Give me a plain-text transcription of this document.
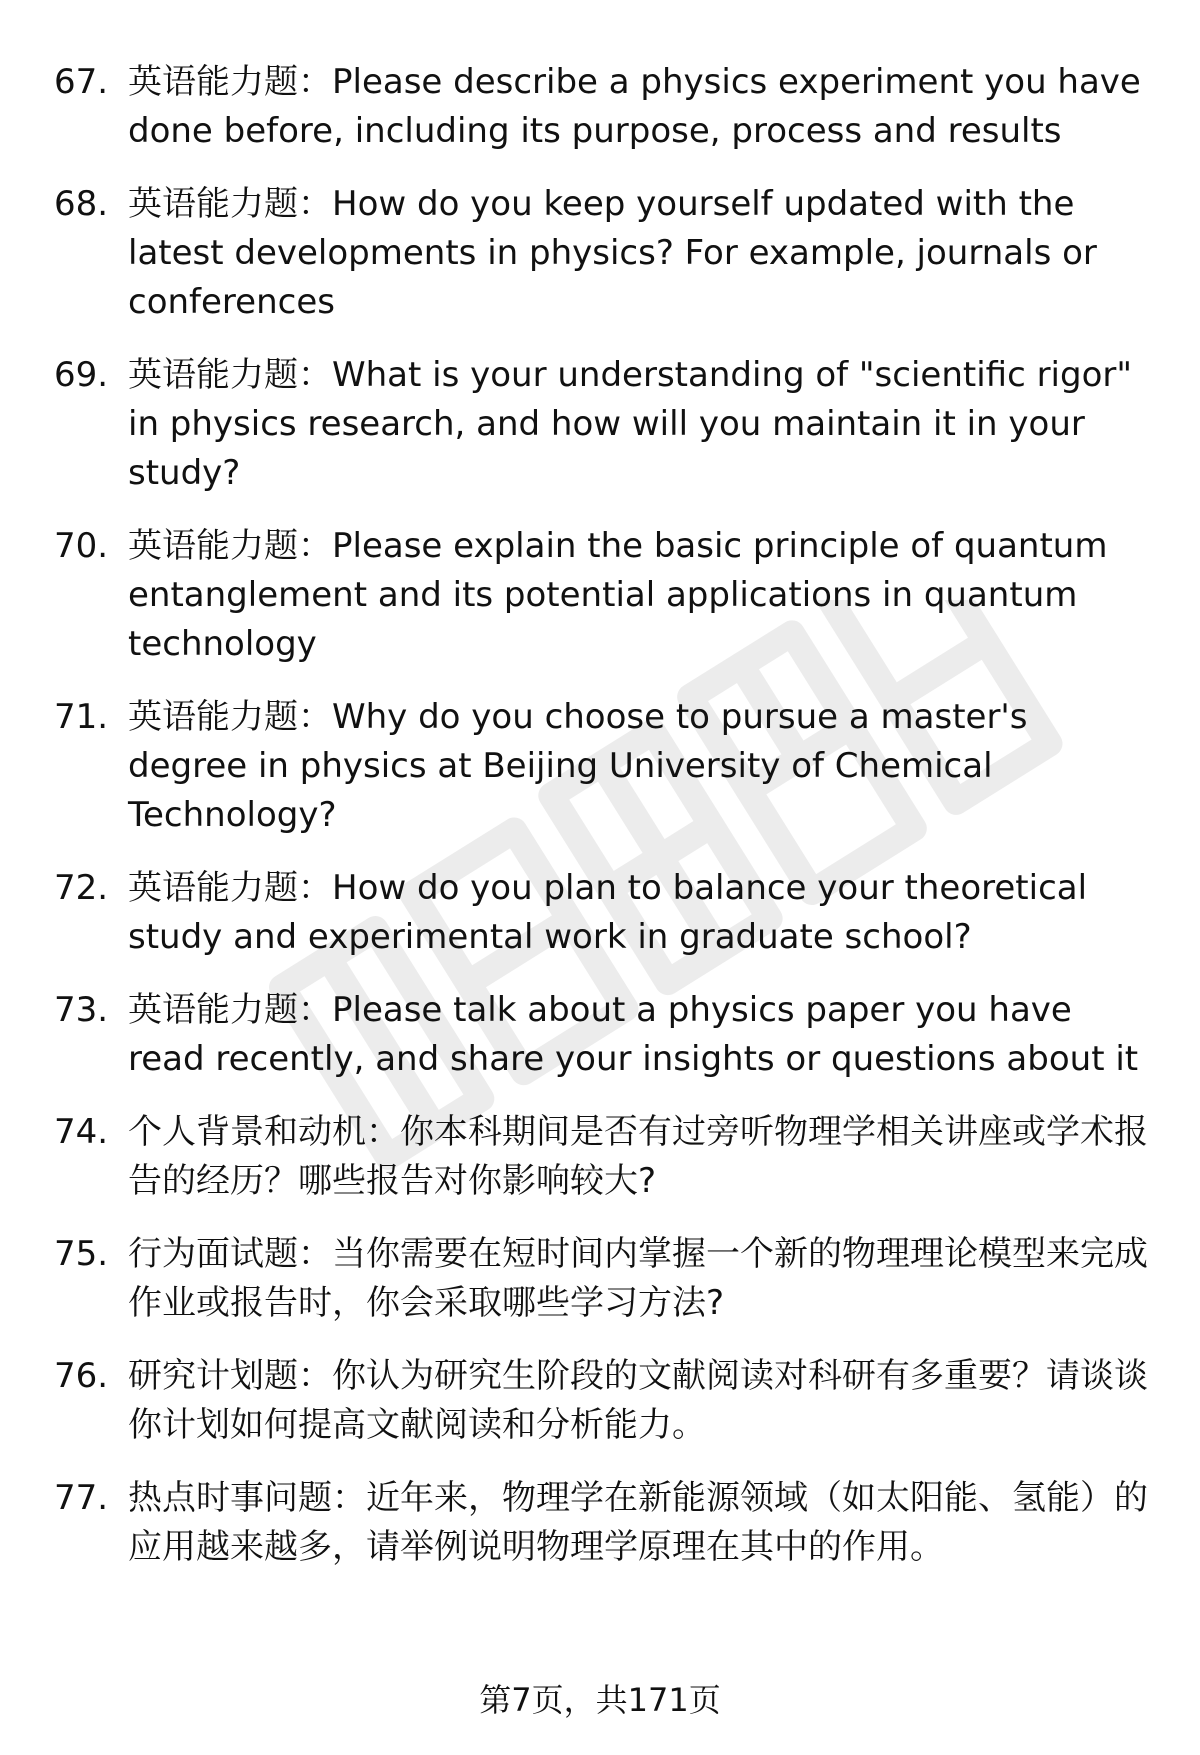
67. 英语能力题：Please describe a physics experiment you have done before, including its purpose, process and results
68. 英语能力题：How do you keep yourself updated with the latest developments in physics? For example, journals or conferences
69. 英语能力题：What is your understanding of "scientific rigor" in physics research, and how will you maintain it in your study?
70. 英语能力题：Please explain the basic principle of quantum entanglement and its potential applications in quantum technology
71. 英语能力题：Why do you choose to pursue a master's degree in physics at Beijing University of Chemical Technology?
72. 英语能力题：How do you plan to balance your theoretical study and experimental work in graduate school?
73. 英语能力题：Please talk about a physics paper you have read recently, and share your insights or questions about it
74. 个人背景和动机：你本科期间是否有过旁听物理学相关讲座或学术报告的经历？哪些报告对你影响较大?
75. 行为面试题：当你需要在短时间内掌握一个新的物理理论模型来完成作业或报告时，你会采取哪些学习方法?
76. 研究计划题：你认为研究生阶段的文献阅读对科研有多重要？请谈谈你计划如何提高文献阅读和分析能力。
77. 热点时事问题：近年来，物理学在新能源领域（如太阳能、氢能）的应用越来越多，请举例说明物理学原理在其中的作用。
第7页，共171页
